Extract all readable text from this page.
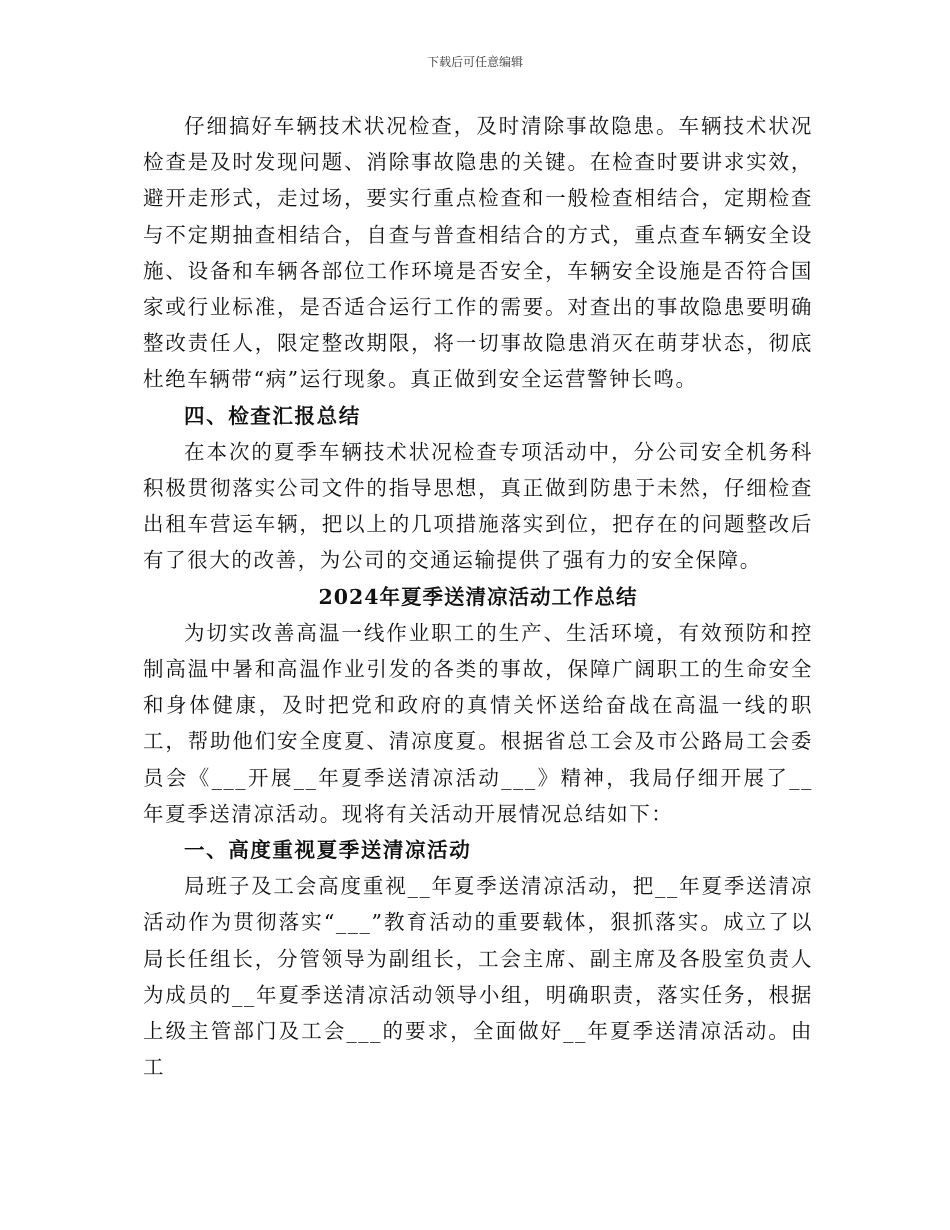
下载后可任意编辑

仔细搞好车辆技术状况检查，及时清除事故隐患。车辆技术状况检查是及时发现问题、消除事故隐患的关键。在检查时要讲求实效，避开走形式，走过场，要实行重点检查和一般检查相结合，定期检查与不定期抽查相结合，自查与普查相结合的方式，重点查车辆安全设施、设备和车辆各部位工作环境是否安全，车辆安全设施是否符合国家或行业标准，是否适合运行工作的需要。对查出的事故隐患要明确整改责任人，限定整改期限，将一切事故隐患消灭在萌芽状态，彻底杜绝车辆带“病”运行现象。真正做到安全运营警钟长鸣。

四、检查汇报总结

在本次的夏季车辆技术状况检查专项活动中，分公司安全机务科积极贯彻落实公司文件的指导思想，真正做到防患于未然，仔细检查出租车营运车辆，把以上的几项措施落实到位，把存在的问题整改后有了很大的改善，为公司的交通运输提供了强有力的安全保障。

2024年夏季送清凉活动工作总结

为切实改善高温一线作业职工的生产、生活环境，有效预防和控制高温中暑和高温作业引发的各类的事故，保障广阔职工的生命安全和身体健康，及时把党和政府的真情关怀送给奋战在高温一线的职工，帮助他们安全度夏、清凉度夏。根据省总工会及市公路局工会委员会《___开展__年夏季送清凉活动___》精神，我局仔细开展了__年夏季送清凉活动。现将有关活动开展情况总结如下：

一、高度重视夏季送清凉活动

局班子及工会高度重视__年夏季送清凉活动，把__年夏季送清凉活动作为贯彻落实“___”教育活动的重要载体，狠抓落实。成立了以局长任组长，分管领导为副组长，工会主席、副主席及各股室负责人为成员的__年夏季送清凉活动领导小组，明确职责，落实任务，根据上级主管部门及工会___的要求，全面做好__年夏季送清凉活动。由工
